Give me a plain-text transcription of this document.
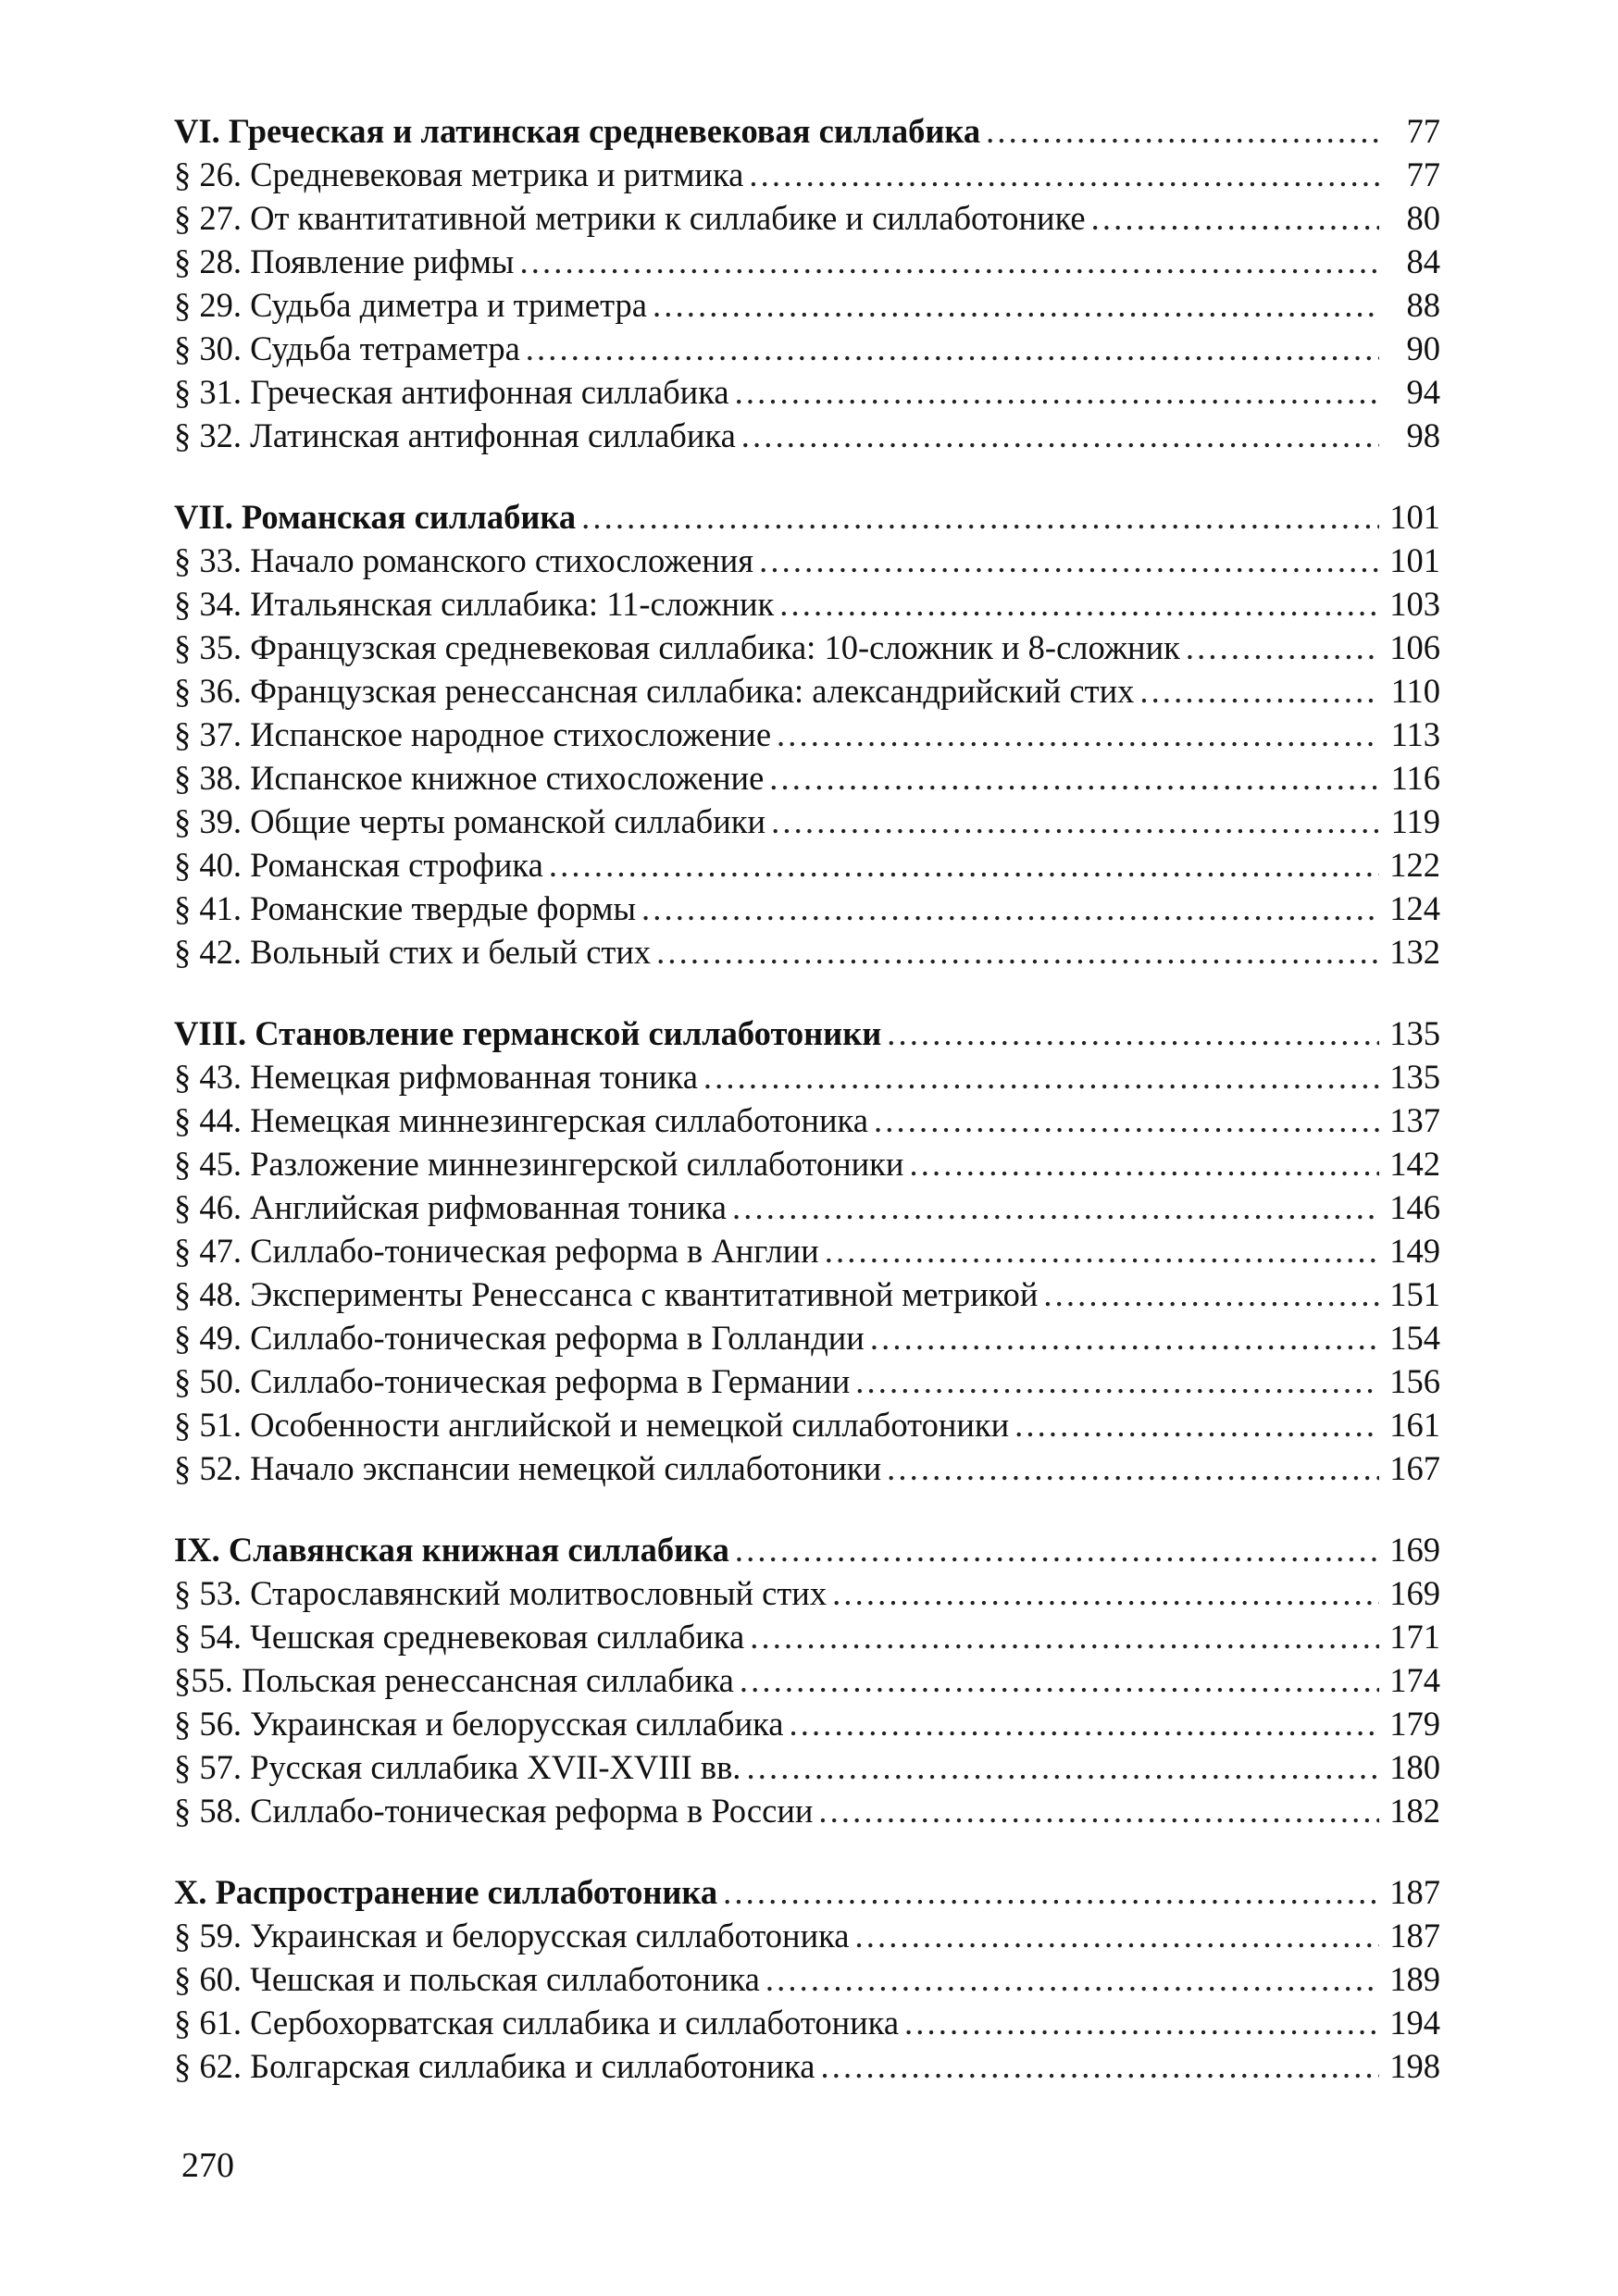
VI. Греческая и латинская средневековая силлабика . . .	77
§ 26. Средневековая метрика и ритмика . . .	77
§ 27. От квантитативной метрики к силлабике и силлаботонике . . .	80
§ 28. Появление рифмы . . .	84
§ 29. Судьба диметра и триметра . . .	88
§ 30. Судьба тетраметра . . .	90
§ 31. Греческая антифонная силлабика . . .	94
§ 32. Латинская антифонная силлабика . . .	98
VII. Романская силлабика . . .	101
§ 33. Начало романского стихосложения . . .	101
§ 34. Итальянская силлабика: 11-сложник . . .	103
§ 35. Французская средневековая силлабика: 10-сложник и 8-сложник . . .	106
§ 36. Французская ренессансная силлабика: александрийский стих . . .	110
§ 37. Испанское народное стихосложение . . .	113
§ 38. Испанское книжное стихосложение . . .	116
§ 39. Общие черты романской силлабики . . .	119
§ 40. Романская строфика . . .	122
§ 41. Романские твердые формы . . .	124
§ 42. Вольный стих и белый стих . . .	132
VIII. Становление германской силлаботоники . . .	135
§ 43. Немецкая рифмованная тоника . . .	135
§ 44. Немецкая миннезингерская силлаботоника . . .	137
§ 45. Разложение миннезингерской силлаботоники . . .	142
§ 46. Английская рифмованная тоника . . .	146
§ 47. Силлабо-тоническая реформа в Англии . . .	149
§ 48. Эксперименты Ренессанса с квантитативной метрикой . . .	151
§ 49. Силлабо-тоническая реформа в Голландии . . .	154
§ 50. Силлабо-тоническая реформа в Германии . . .	156
§ 51. Особенности английской и немецкой силлаботоники . . .	161
§ 52. Начало экспансии немецкой силлаботоники . . .	167
IX. Славянская книжная силлабика . . .	169
§ 53. Старославянский молитвословный стих . . .	169
§ 54. Чешская средневековая силлабика . . .	171
§55. Польская ренессансная силлабика . . .	174
§ 56. Украинская и белорусская силлабика . . .	179
§ 57. Русская силлабика XVII-XVIII вв. . . .	180
§ 58. Силлабо-тоническая реформа в России . . .	182
X. Распространение силлаботоника . . .	187
§ 59. Украинская и белорусская силлаботоника . . .	187
§ 60. Чешская и польская силлаботоника . . .	189
§ 61. Сербохорватская силлабика и силлаботоника . . .	194
§ 62. Болгарская силлабика и силлаботоника . . .	198
270
